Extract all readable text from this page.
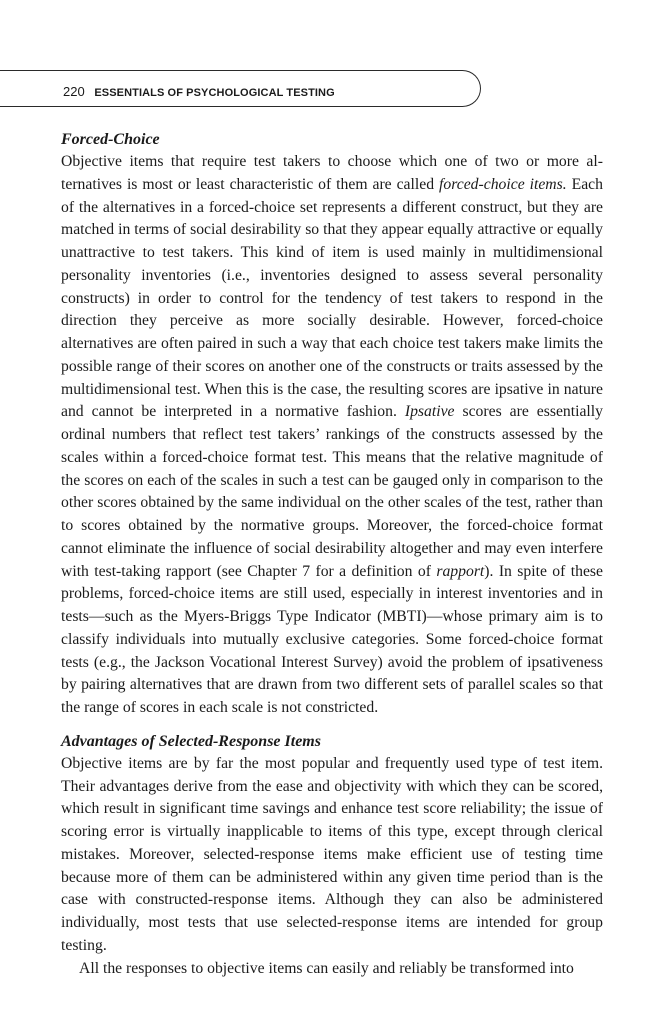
220 ESSENTIALS OF PSYCHOLOGICAL TESTING
Forced-Choice

Objective items that require test takers to choose which one of two or more alternatives is most or least characteristic of them are called forced-choice items. Each of the alternatives in a forced-choice set represents a different construct, but they are matched in terms of social desirability so that they appear equally attractive or equally unattractive to test takers. This kind of item is used mainly in multidimensional personality inventories (i.e., inventories designed to assess several personality constructs) in order to control for the tendency of test takers to respond in the direction they perceive as more socially desirable. However, forced-choice alternatives are often paired in such a way that each choice test takers make limits the possible range of their scores on another one of the constructs or traits assessed by the multidimensional test. When this is the case, the resulting scores are ipsative in nature and cannot be interpreted in a normative fashion. Ipsative scores are essentially ordinal numbers that reflect test takers’ rankings of the constructs assessed by the scales within a forced-choice format test. This means that the relative magnitude of the scores on each of the scales in such a test can be gauged only in comparison to the other scores obtained by the same individual on the other scales of the test, rather than to scores obtained by the normative groups. Moreover, the forced-choice format cannot eliminate the influence of social desirability altogether and may even interfere with test-taking rapport (see Chapter 7 for a definition of rapport). In spite of these problems, forced-choice items are still used, especially in interest inventories and in tests—such as the Myers-Briggs Type Indicator (MBTI)—whose primary aim is to classify individuals into mutually exclusive categories. Some forced-choice format tests (e.g., the Jackson Vocational Interest Survey) avoid the problem of ipsativeness by pairing alternatives that are drawn from two different sets of parallel scales so that the range of scores in each scale is not constricted.

Advantages of Selected-Response Items

Objective items are by far the most popular and frequently used type of test item. Their advantages derive from the ease and objectivity with which they can be scored, which result in significant time savings and enhance test score reliability; the issue of scoring error is virtually inapplicable to items of this type, except through clerical mistakes. Moreover, selected-response items make efficient use of testing time because more of them can be administered within any given time period than is the case with constructed-response items. Although they can also be administered individually, most tests that use selected-response items are intended for group testing.

All the responses to objective items can easily and reliably be transformed into
